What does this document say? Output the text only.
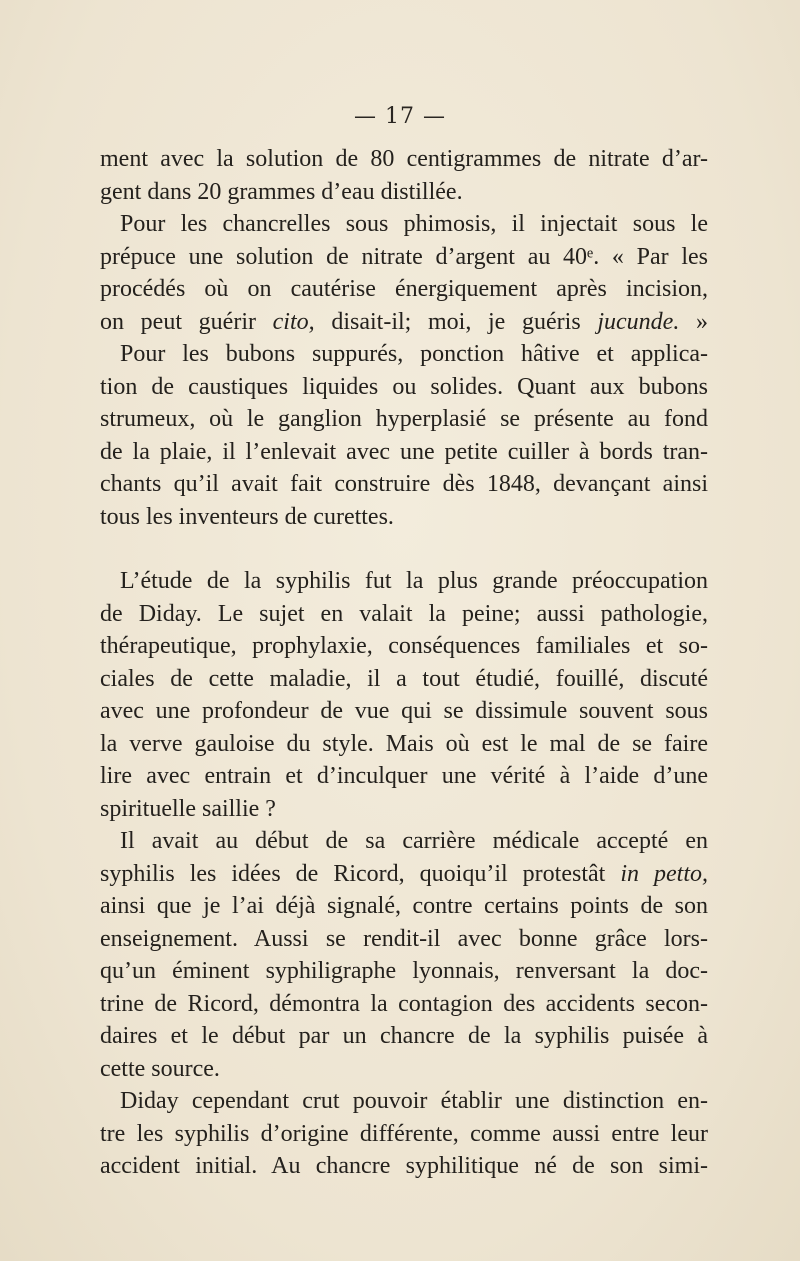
— 17 —

ment avec la solution de 80 centigrammes de nitrate d’ar-
gent dans 20 grammes d’eau distillée.

Pour les chancrelles sous phimosis, il injectait sous le
prépuce une solution de nitrate d’argent au 40ᵉ. « Par les
procédés où on cautérise énergiquement après incision,
on peut guérir cito, disait-il; moi, je guéris jucunde. »

Pour les bubons suppurés, ponction hâtive et applica-
tion de caustiques liquides ou solides. Quant aux bubons
strumeux, où le ganglion hyperplasié se présente au fond
de la plaie, il l’enlevait avec une petite cuiller à bords tran-
chants qu’il avait fait construire dès 1848, devançant ainsi
tous les inventeurs de curettes.

L’étude de la syphilis fut la plus grande préoccupation
de Diday. Le sujet en valait la peine; aussi pathologie,
thérapeutique, prophylaxie, conséquences familiales et so-
ciales de cette maladie, il a tout étudié, fouillé, discuté
avec une profondeur de vue qui se dissimule souvent sous
la verve gauloise du style. Mais où est le mal de se faire
lire avec entrain et d’inculquer une vérité à l’aide d’une
spirituelle saillie ?

Il avait au début de sa carrière médicale accepté en
syphilis les idées de Ricord, quoiqu’il protestât in petto,
ainsi que je l’ai déjà signalé, contre certains points de son
enseignement. Aussi se rendit-il avec bonne grâce lors-
qu’un éminent syphiligraphe lyonnais, renversant la doc-
trine de Ricord, démontra la contagion des accidents secon-
daires et le début par un chancre de la syphilis puisée à
cette source.

Diday cependant crut pouvoir établir une distinction en-
tre les syphilis d’origine différente, comme aussi entre leur
accident initial. Au chancre syphilitique né de son simi-
